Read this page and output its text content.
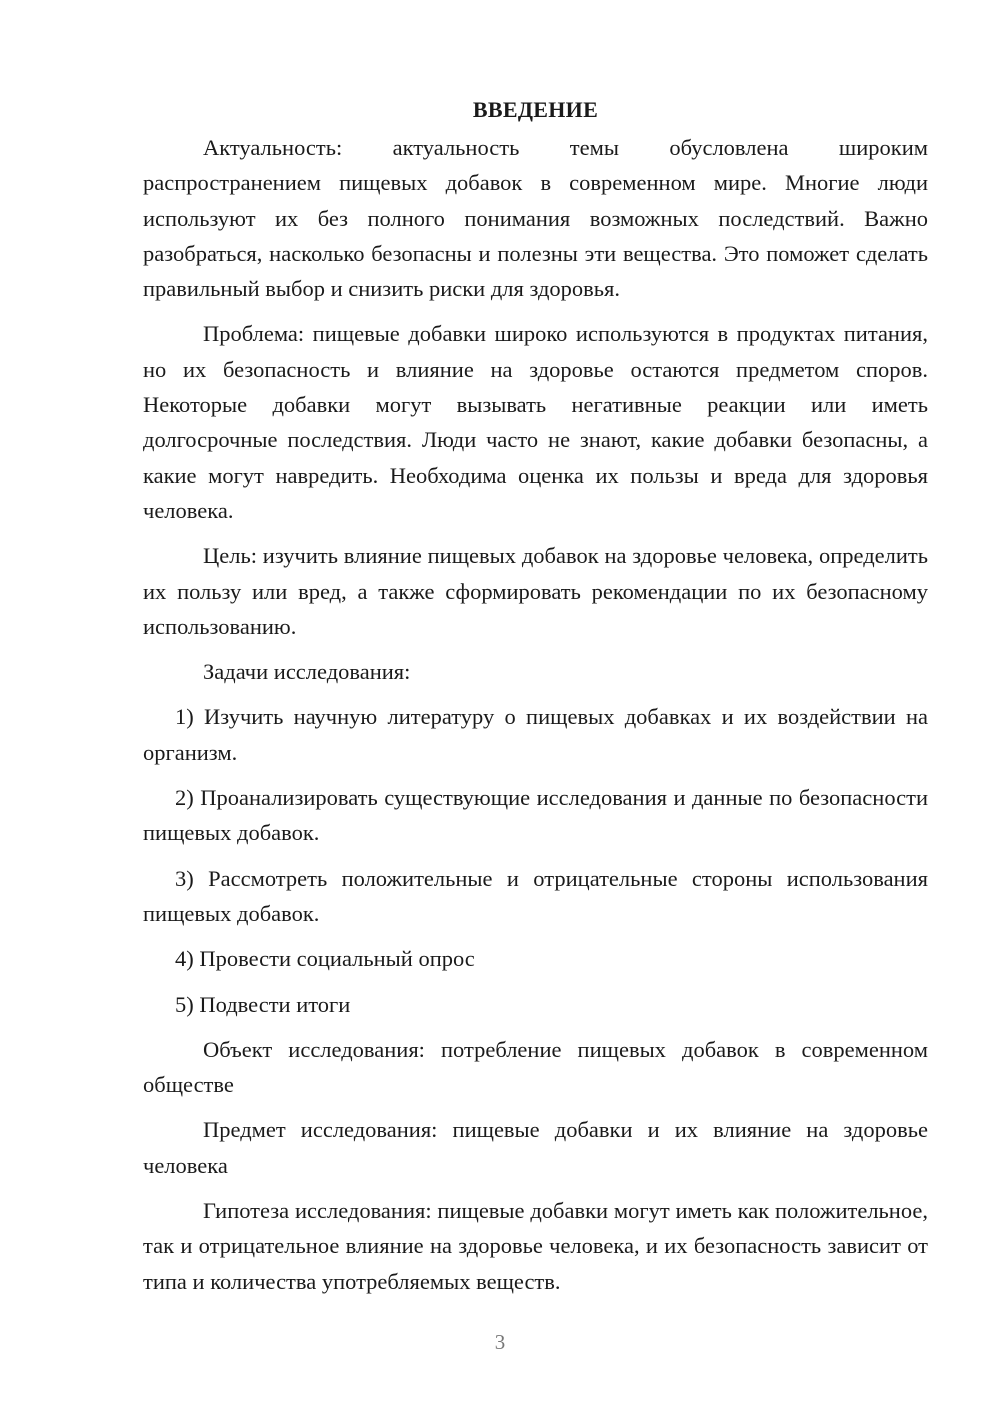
ВВЕДЕНИЕ

Актуальность: актуальность темы обусловлена широким распространением пищевых добавок в современном мире. Многие люди используют их без полного понимания возможных последствий. Важно разобраться, насколько безопасны и полезны эти вещества. Это поможет сделать правильный выбор и снизить риски для здоровья.

Проблема: пищевые добавки широко используются в продуктах питания, но их безопасность и влияние на здоровье остаются предметом споров. Некоторые добавки могут вызывать негативные реакции или иметь долгосрочные последствия. Люди часто не знают, какие добавки безопасны, а какие могут навредить. Необходима оценка их пользы и вреда для здоровья человека.

Цель: изучить влияние пищевых добавок на здоровье человека, определить их пользу или вред, а также сформировать рекомендации по их безопасному использованию.

Задачи исследования:

1) Изучить научную литературу о пищевых добавках и их воздействии на организм.

2) Проанализировать существующие исследования и данные по безопасности пищевых добавок.

3) Рассмотреть положительные и отрицательные стороны использования пищевых добавок.

4) Провести социальный опрос

5) Подвести итоги

Объект исследования: потребление пищевых добавок в современном обществе

Предмет исследования: пищевые добавки и их влияние на здоровье человека

Гипотеза исследования: пищевые добавки могут иметь как положительное, так и отрицательное влияние на здоровье человека, и их безопасность зависит от типа и количества употребляемых веществ.

3
